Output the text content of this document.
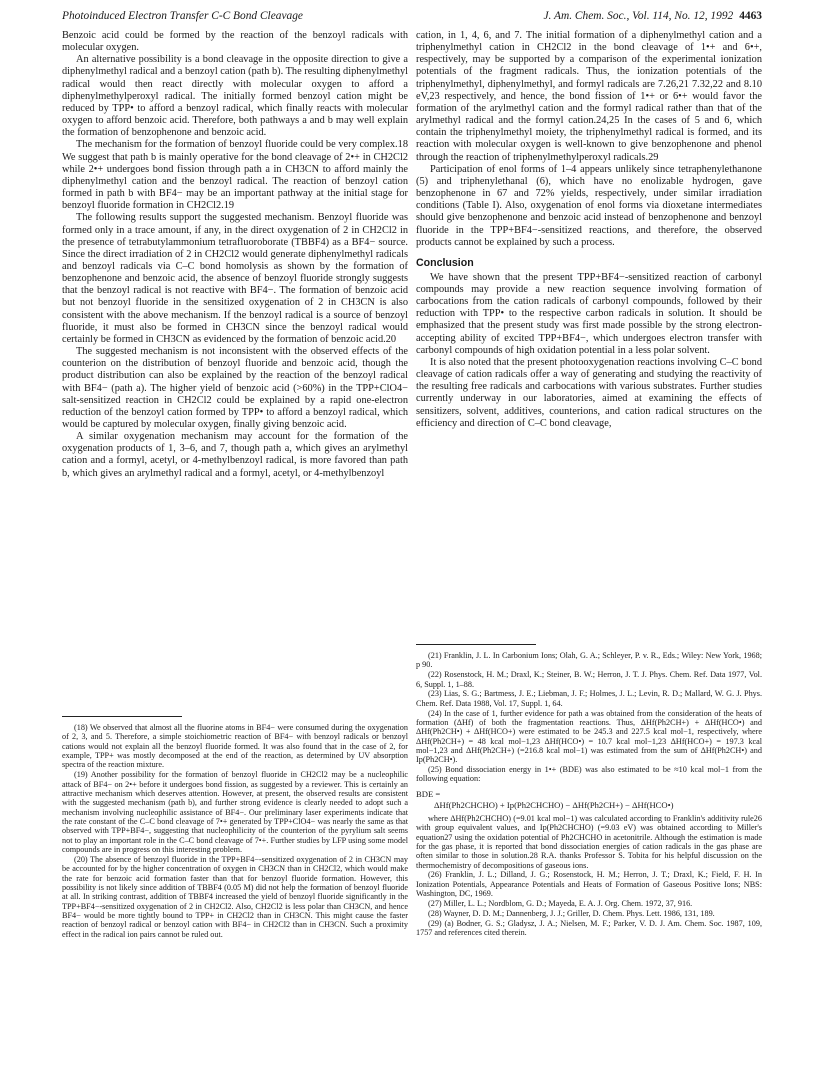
Photoinduced Electron Transfer C-C Bond Cleavage	J. Am. Chem. Soc., Vol. 114, No. 12, 1992 4463

Benzoic acid could be formed by the reaction of the benzoyl radicals with molecular oxygen.

An alternative possibility is a bond cleavage in the opposite direction to give a diphenylmethyl radical and a benzoyl cation (path b). The resulting diphenylmethyl radical would then react directly with molecular oxygen to afford a diphenylmethylperoxyl radical. The initially formed benzoyl cation might be reduced by TPP• to afford a benzoyl radical, which finally reacts with molecular oxygen to afford benzoic acid. Therefore, both pathways a and b may well explain the formation of benzophenone and benzoic acid.

The mechanism for the formation of benzoyl fluoride could be very complex.18 We suggest that path b is mainly operative for the bond cleavage of 2•+ in CH2Cl2 while 2•+ undergoes bond fission through path a in CH3CN to afford mainly the diphenylmethyl cation and the benzoyl radical. The reaction of benzoyl cation formed in path b with BF4− may be an important pathway at the initial stage for benzoyl fluoride formation in CH2Cl2.19

The following results support the suggested mechanism. Benzoyl fluoride was formed only in a trace amount, if any, in the direct oxygenation of 2 in CH2Cl2 in the presence of tetrabutylammonium tetrafluoroborate (TBBF4) as a BF4− source. Since the direct irradiation of 2 in CH2Cl2 would generate diphenylmethyl radicals and benzoyl radicals via C–C bond homolysis as shown by the formation of benzophenone and benzoic acid, the absence of benzoyl fluoride strongly suggests that the benzoyl radical is not reactive with BF4−. The formation of benzoic acid but not benzoyl fluoride in the sensitized oxygenation of 2 in CH3CN is also consistent with the above mechanism. If the benzoyl radical is a source of benzoyl fluoride, it must also be formed in CH3CN since the benzoyl radical would certainly be formed in CH3CN as evidenced by the formation of benzoic acid.20

The suggested mechanism is not inconsistent with the observed effects of the counterion on the distribution of benzoyl fluoride and benzoic acid, though the product distribution can also be explained by the reaction of the benzoyl radical with BF4− (path a). The higher yield of benzoic acid (>60%) in the TPP+ClO4− salt-sensitized reaction in CH2Cl2 could be explained by a rapid one-electron reduction of the benzoyl cation formed by TPP• to afford a benzoyl radical, which would be captured by molecular oxygen, finally giving benzoic acid.

A similar oxygenation mechanism may account for the formation of the oxygenation products of 1, 3–6, and 7, though path a, which gives an arylmethyl cation and a formyl, acetyl, or 4-methylbenzoyl radical, is more favored than path b, which gives an arylmethyl radical and a formyl, acetyl, or 4-methylbenzoyl

(18) We observed that almost all the fluorine atoms in BF4− were consumed during the oxygenation of 2, 3, and 5. Therefore, a simple stoichiometric reaction of BF4− with benzoyl radicals or benzoyl cations would not explain all the benzoyl fluoride formed. It was also found that in the case of 2, for example, TPP+ was mostly decomposed at the end of the reaction, as determined by UV absorption spectra of the reaction mixture.

(19) Another possibility for the formation of benzoyl fluoride in CH2Cl2 may be a nucleophilic attack of BF4− on 2•+ before it undergoes bond fission, as suggested by a reviewer. This is certainly an attractive mechanism which deserves attention. However, at present, the observed results are consistent with the suggested mechanism (path b), and further strong evidence is clearly needed to adopt such a mechanism involving nucleophilic assistance of BF4−. Our preliminary laser experiments indicate that the rate constant of the C–C bond cleavage of 7•+ generated by TPP+ClO4− was nearly the same as that observed with TPP+BF4−, suggesting that nucleophilicity of the counterion of the pyrylium salt seems not to play an important role in the C–C bond cleavage of 7•+. Further studies by LFP using some model compounds are in progress on this interesting problem.

(20) The absence of benzoyl fluoride in the TPP+BF4−-sensitized oxygenation of 2 in CH3CN may be accounted for by the higher concentration of oxygen in CH3CN than in CH2Cl2, which would make the rate for benzoic acid formation faster than that for benzoyl fluoride formation. However, this possibility is not likely since addition of TBBF4 (0.05 M) did not help the formation of benzoyl fluoride at all. In striking contrast, addition of TBBF4 increased the yield of benzoyl fluoride significantly in the TPP+BF4−-sensitized oxygenation of 2 in CH2Cl2. Also, CH2Cl2 is less polar than CH3CN, and hence BF4− would be more tightly bound to TPP+ in CH2Cl2 than in CH3CN. This might cause the faster reaction of benzoyl radical or benzoyl cation with BF4− in CH2Cl2 than in CH3CN. Such a proximity effect in the radical ion pairs cannot be ruled out.

cation, in 1, 4, 6, and 7. The initial formation of a diphenylmethyl cation and a triphenylmethyl cation in CH2Cl2 in the bond cleavage of 1•+ and 6•+, respectively, may be supported by a comparison of the experimental ionization potentials of the fragment radicals. Thus, the ionization potentials of the triphenylmethyl, diphenylmethyl, and formyl radicals are 7.26,21 7.32,22 and 8.10 eV,23 respectively, and hence, the bond fission of 1•+ or 6•+ would favor the formation of the arylmethyl cation and the formyl radical rather than that of the arylmethyl radical and the formyl cation.24,25 In the cases of 5 and 6, which contain the triphenylmethyl moiety, the triphenylmethyl radical is formed, and its reaction with molecular oxygen is well-known to give benzophenone and phenol through the reaction of triphenylmethylperoxyl radicals.29

Participation of enol forms of 1–4 appears unlikely since tetraphenylethanone (5) and triphenylethanal (6), which have no enolizable hydrogen, gave benzophenone in 67 and 72% yields, respectively, under similar irradiation conditions (Table I). Also, oxygenation of enol forms via dioxetane intermediates should give benzophenone and benzoic acid instead of benzophenone and benzoyl fluoride in the TPP+BF4−-sensitized reactions, and therefore, the observed products cannot be explained by such a process.

Conclusion

We have shown that the present TPP+BF4−-sensitized reaction of carbonyl compounds may provide a new reaction sequence involving formation of carbocations from the cation radicals of carbonyl compounds, followed by their reduction with TPP• to the respective carbon radicals in solution. It should be emphasized that the present study was first made possible by the strong electron-accepting ability of excited TPP+BF4−, which undergoes electron transfer with carbonyl compounds of high oxidation potential in a less polar solvent.

It is also noted that the present photooxygenation reactions involving C–C bond cleavage of cation radicals offer a way of generating and studying the reactivity of the resulting free radicals and carbocations with various substrates. Further studies currently underway in our laboratories, aimed at examining the effects of sensitizers, solvent, additives, counterions, and cation radical structures on the efficiency and direction of C–C bond cleavage,

(21) Franklin, J. L. In Carbonium Ions; Olah, G. A.; Schleyer, P. v. R., Eds.; Wiley: New York, 1968; p 90.

(22) Rosenstock, H. M.; Draxl, K.; Steiner, B. W.; Herron, J. T. J. Phys. Chem. Ref. Data 1977, Vol. 6, Suppl. 1, 1–88.

(23) Lias, S. G.; Bartmess, J. E.; Liebman, J. F.; Holmes, J. L.; Levin, R. D.; Mallard, W. G. J. Phys. Chem. Ref. Data 1988, Vol. 17, Suppl. 1, 64.

(24) In the case of 1, further evidence for path a was obtained from the consideration of the heats of formation (ΔHf) of both the fragmentation reactions. Thus, ΔHf(Ph2CH+) + ΔHf(HCO•) and ΔHf(Ph2CH•) + ΔHf(HCO+) were estimated to be 245.3 and 227.5 kcal mol−1, respectively, where ΔHf(Ph2CH+) = 48 kcal mol−1,23 ΔHf(HCO•) = 10.7 kcal mol−1,23 ΔHf(HCO+) = 197.3 kcal mol−1,23 and ΔHf(Ph2CH+) (=216.8 kcal mol−1) was estimated from the sum of ΔHf(Ph2CH•) and Ip(Ph2CH•).

(25) Bond dissociation energy in 1•+ (BDE) was also estimated to be ≈10 kcal mol−1 from the following equation:

BDE =
ΔHf(Ph2CHCHO) + Ip(Ph2CHCHO) − ΔHf(Ph2CH+) − ΔHf(HCO•)

where ΔHf(Ph2CHCHO) (=9.01 kcal mol−1) was calculated according to Franklin's additivity rule26 with group equivalent values, and Ip(Ph2CHCHO) (=9.03 eV) was obtained according to Miller's equation27 using the oxidation potential of Ph2CHCHO in acetonitrile. Although the estimation is made for the gas phase, it is reported that bond dissociation energies of cation radicals in the gas phase are often similar to those in solution.28 R.A. thanks Professor S. Tobita for his helpful discussion on the thermochemistry of decompositions of gaseous ions.

(26) Franklin, J. L.; Dilland, J. G.; Rosenstock, H. M.; Herron, J. T.; Draxl, K.; Field, F. H. In Ionization Potentials, Appearance Potentials and Heats of Formation of Gaseous Positive Ions; NBS: Washington, DC, 1969.

(27) Miller, L. L.; Nordblom, G. D.; Mayeda, E. A. J. Org. Chem. 1972, 37, 916.

(28) Wayner, D. D. M.; Dannenberg, J. J.; Griller, D. Chem. Phys. Lett. 1986, 131, 189.

(29) (a) Bodner, G. S.; Gladysz, J. A.; Nielsen, M. F.; Parker, V. D. J. Am. Chem. Soc. 1987, 109, 1757 and references cited therein.
